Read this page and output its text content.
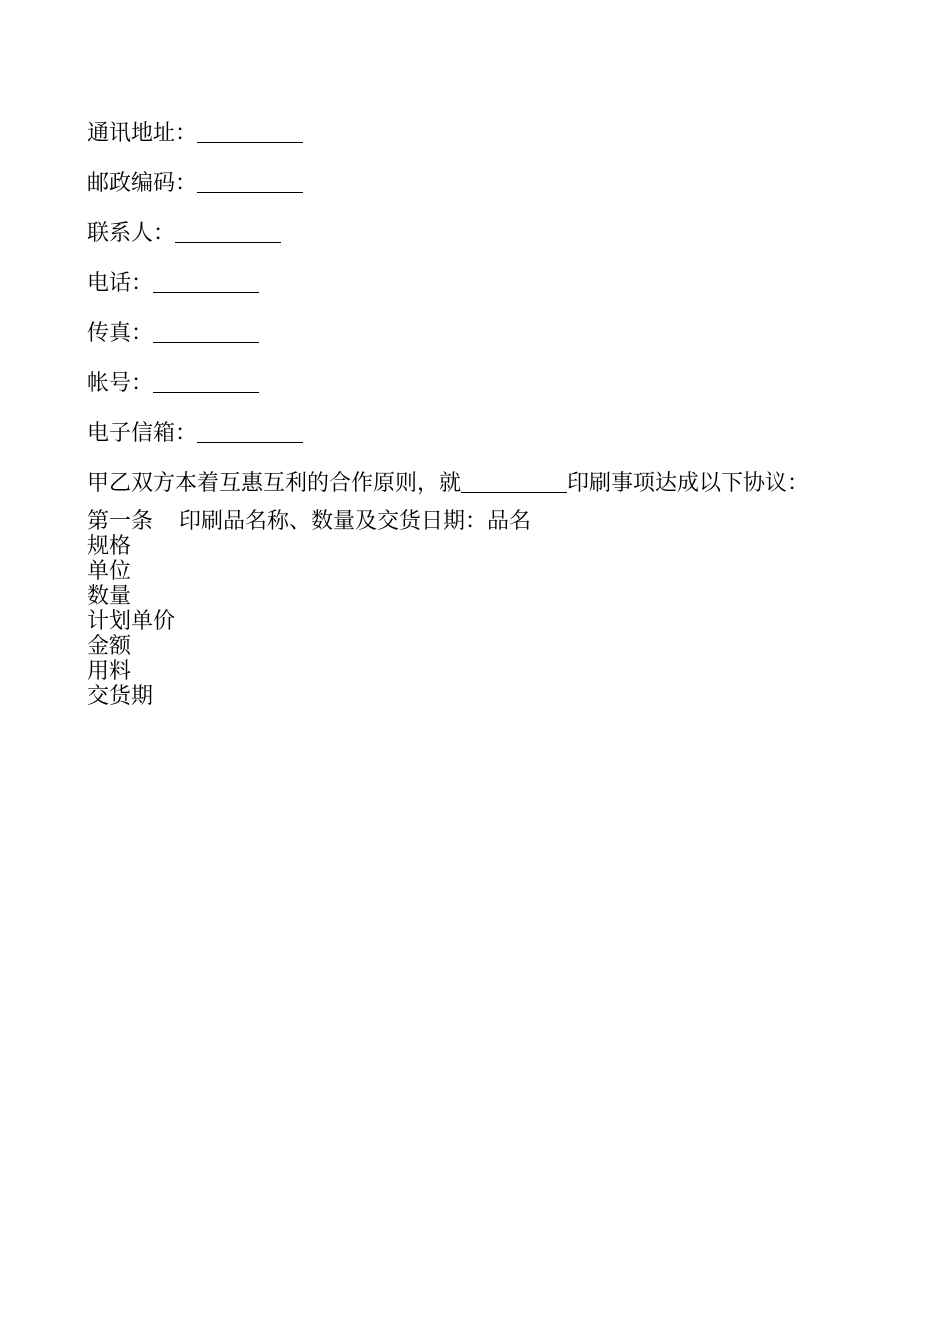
通讯地址：
邮政编码：
联系人：
电话：
传真：
帐号：
电子信箱：
甲乙双方本着互惠互利的合作原则，就	印刷事项达成以下协议：
第一条 印刷品名称、数量及交货日期：品名
规格
单位
数量
计划单价
金额
用料
交货期
